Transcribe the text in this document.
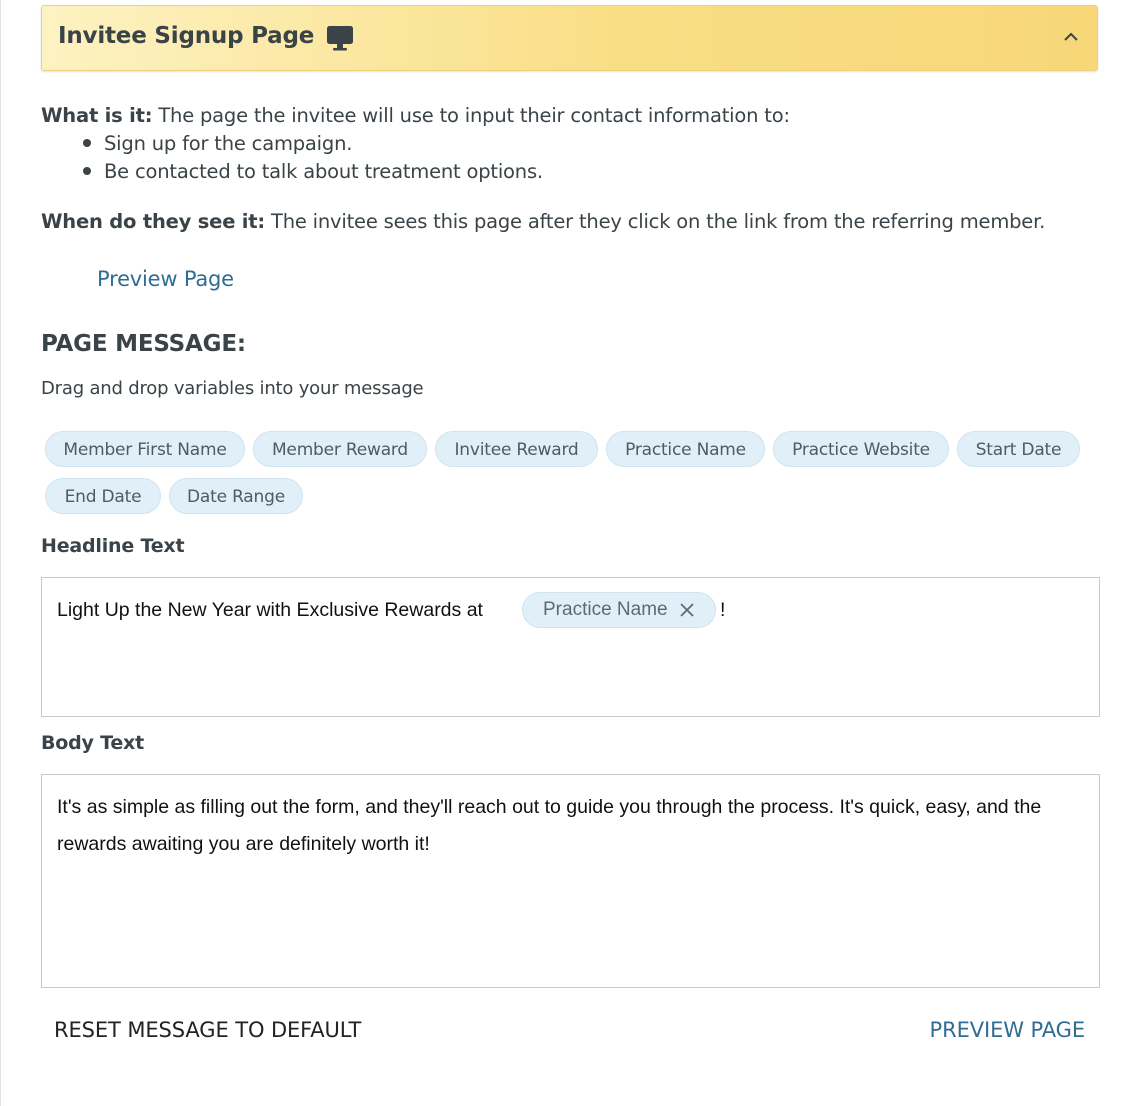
Invitee Signup Page
What is it: The page the invitee will use to input their contact information to:
Sign up for the campaign.
Be contacted to talk about treatment options.
When do they see it: The invitee sees this page after they click on the link from the referring member.
Preview Page
PAGE MESSAGE:
Drag and drop variables into your message
Member First Name	Member Reward	Invitee Reward	Practice Name	Practice Website	Start Date
End Date	Date Range
Headline Text
Light Up the New Year with Exclusive Rewards at	Practice Name	!
Body Text
It's as simple as filling out the form, and they'll reach out to guide you through the process. It's quick, easy, and the rewards awaiting you are definitely worth it!
RESET MESSAGE TO DEFAULT	PREVIEW PAGE
